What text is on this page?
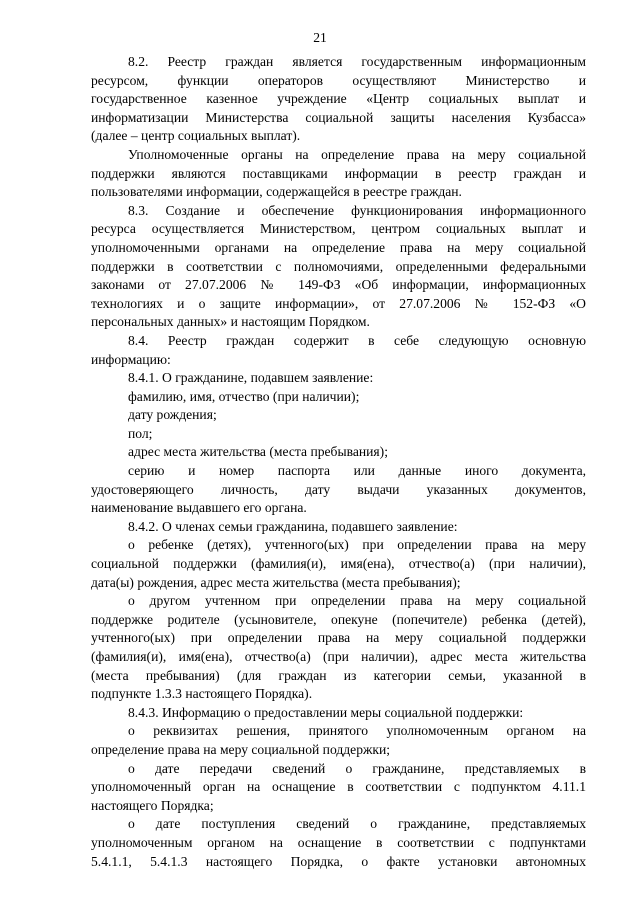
21
8.2. Реестр граждан является государственным информационным
ресурсом, функции операторов осуществляют Министерство и
государственное казенное учреждение «Центр социальных выплат и
информатизации Министерства социальной защиты населения Кузбасса»
(далее – центр социальных выплат).
Уполномоченные органы на определение права на меру социальной
поддержки являются поставщиками информации в реестр граждан и
пользователями информации, содержащейся в реестре граждан.
8.3. Создание и обеспечение функционирования информационного
ресурса осуществляется Министерством, центром социальных выплат и
уполномоченными органами на определение права на меру социальной
поддержки в соответствии с полномочиями, определенными федеральными
законами от 27.07.2006 № 149-ФЗ «Об информации, информационных
технологиях и о защите информации», от 27.07.2006 № 152-ФЗ «О
персональных данных» и настоящим Порядком.
8.4. Реестр граждан содержит в себе следующую основную
информацию:
8.4.1. О гражданине, подавшем заявление:
фамилию, имя, отчество (при наличии);
дату рождения;
пол;
адрес места жительства (места пребывания);
серию и номер паспорта или данные иного документа,
удостоверяющего личность, дату выдачи указанных документов,
наименование выдавшего его органа.
8.4.2. О членах семьи гражданина, подавшего заявление:
о ребенке (детях), учтенного(ых) при определении права на меру
социальной поддержки (фамилия(и), имя(ена), отчество(а) (при наличии),
дата(ы) рождения, адрес места жительства (места пребывания);
о другом учтенном при определении права на меру социальной
поддержке родителе (усыновителе, опекуне (попечителе) ребенка (детей),
учтенного(ых) при определении права на меру социальной поддержки
(фамилия(и), имя(ена), отчество(а) (при наличии), адрес места жительства
(места пребывания) (для граждан из категории семьи, указанной в
подпункте 1.3.3 настоящего Порядка).
8.4.3. Информацию о предоставлении меры социальной поддержки:
о реквизитах решения, принятого уполномоченным органом на
определение права на меру социальной поддержки;
о дате передачи сведений о гражданине, представляемых в
уполномоченный орган на оснащение в соответствии с подпунктом 4.11.1
настоящего Порядка;
о дате поступления сведений о гражданине, представляемых
уполномоченным органом на оснащение в соответствии с подпунктами
5.4.1.1, 5.4.1.3 настоящего Порядка, о факте установки автономных
